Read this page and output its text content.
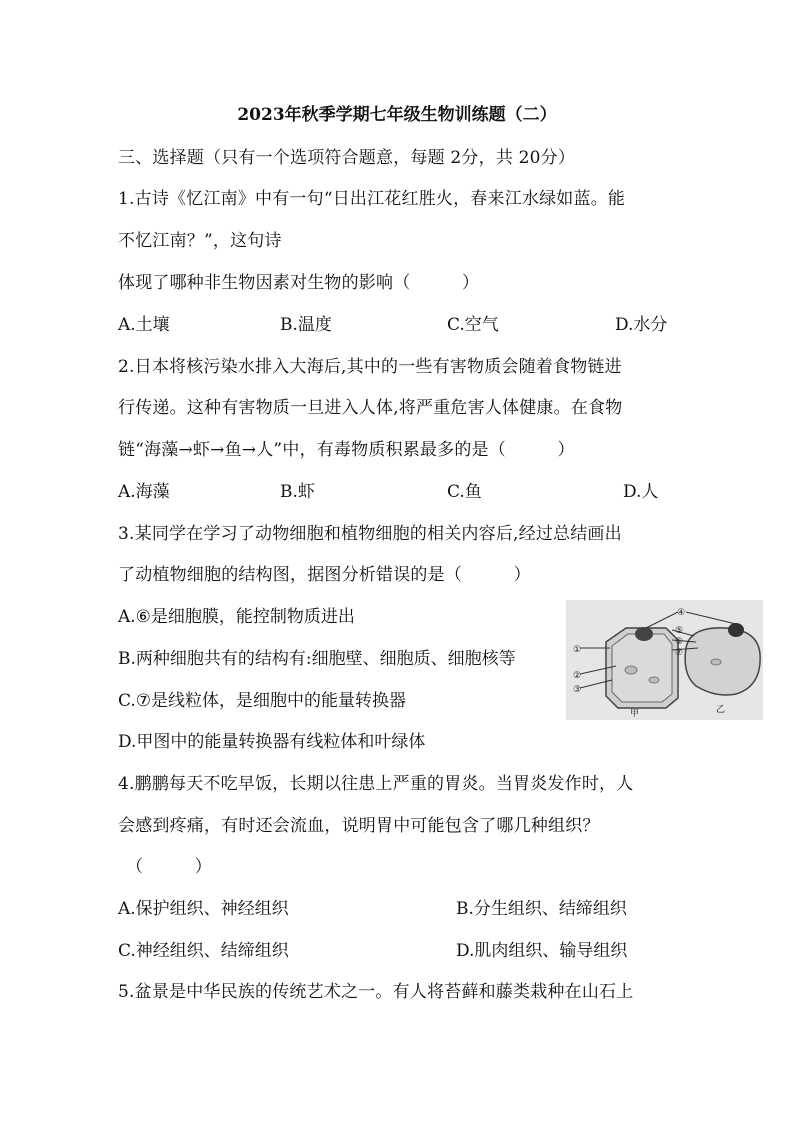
2023年秋季学期七年级生物训练题（二）
三、选择题（只有一个选项符合题意，每题 2分，共 20分）
1.古诗《忆江南》中有一句“日出江花红胜火，春来江水绿如蓝。能
不忆江南？”，这句诗
体现了哪种非生物因素对生物的影响（　　　）
A.土壤	B.温度	C.空气	D.水分
2.日本将核污染水排入大海后,其中的一些有害物质会随着食物链进
行传递。这种有害物质一旦进入人体,将严重危害人体健康。在食物
链“海藻→虾→鱼→人”中，有毒物质积累最多的是（　　　）
A.海藻	B.虾	C.鱼	D.人
3.某同学在学习了动物细胞和植物细胞的相关内容后,经过总结画出
了动植物细胞的结构图，据图分析错误的是（　　　）
A.⑥是细胞膜，能控制物质进出
B.两种细胞共有的结构有:细胞壁、细胞质、细胞核等
C.⑦是线粒体，是细胞中的能量转换器
D.甲图中的能量转换器有线粒体和叶绿体
①
②
③
④
⑤
⑥
⑦
甲	乙
4.鹏鹏每天不吃早饭，长期以往患上严重的胃炎。当胃炎发作时，人
会感到疼痛，有时还会流血，说明胃中可能包含了哪几种组织？
（　　　）
A.保护组织、神经组织	B.分生组织、结缔组织
C.神经组织、结缔组织	D.肌肉组织、输导组织
5.盆景是中华民族的传统艺术之一。有人将苔藓和藤类栽种在山石上
